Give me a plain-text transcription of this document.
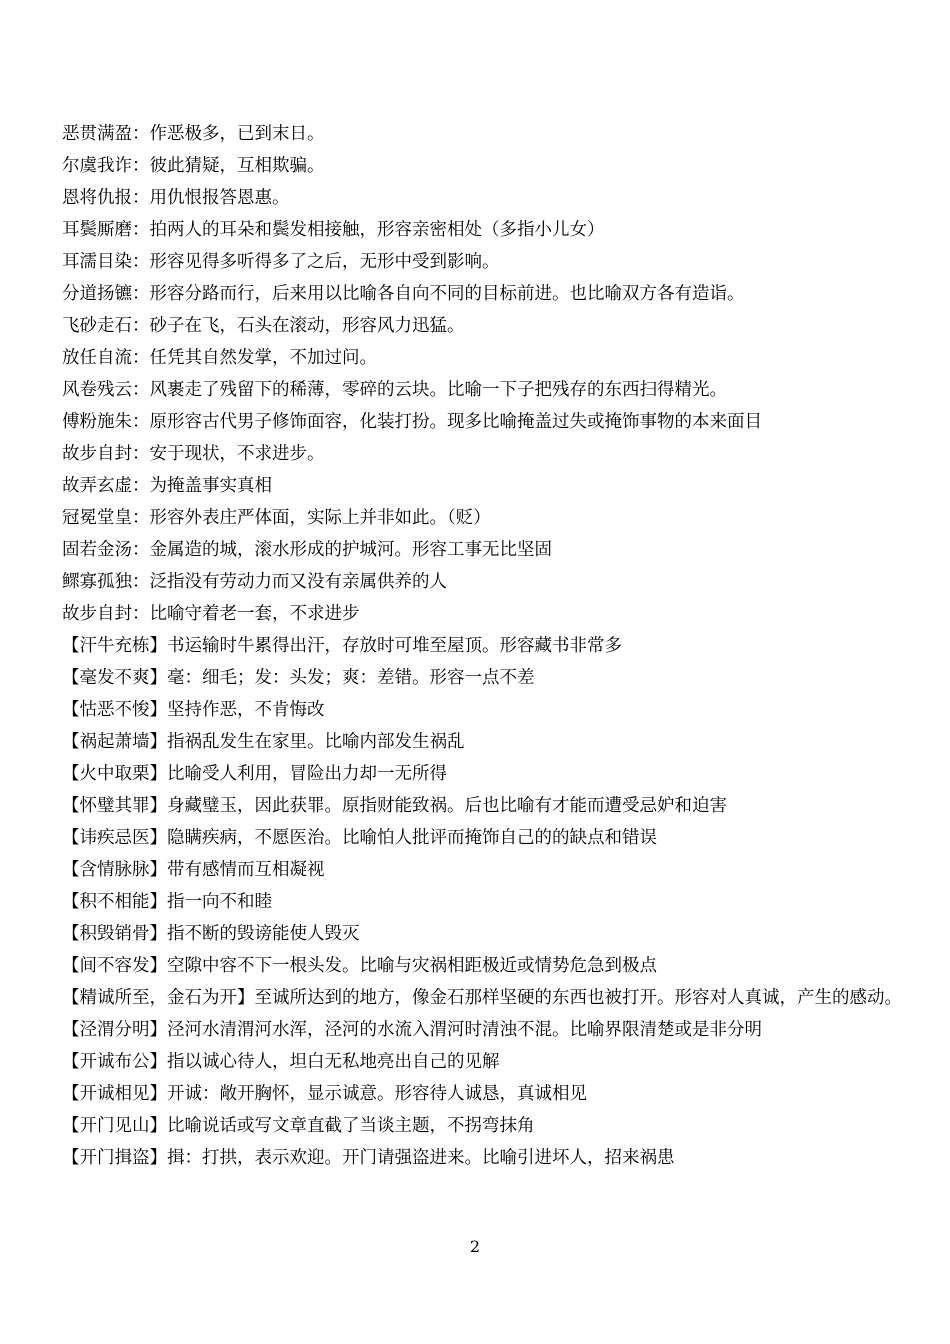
恶贯满盈：作恶极多，已到末日。

尔虞我诈：彼此猜疑，互相欺骗。

恩将仇报：用仇恨报答恩惠。

耳鬓厮磨：拍两人的耳朵和鬓发相接触，形容亲密相处（多指小儿女）

耳濡目染：形容见得多听得多了之后，无形中受到影响。

分道扬镳：形容分路而行，后来用以比喻各自向不同的目标前进。也比喻双方各有造诣。

飞砂走石：砂子在飞，石头在滚动，形容风力迅猛。

放任自流：任凭其自然发掌，不加过问。

风卷残云：风裹走了残留下的稀薄，零碎的云块。比喻一下子把残存的东西扫得精光。

傅粉施朱：原形容古代男子修饰面容，化装打扮。现多比喻掩盖过失或掩饰事物的本来面目

故步自封：安于现状，不求进步。

故弄玄虚：为掩盖事实真相

冠冕堂皇：形容外表庄严体面，实际上并非如此。（贬）

固若金汤：金属造的城，滚水形成的护城河。形容工事无比坚固

鳏寡孤独：泛指没有劳动力而又没有亲属供养的人

故步自封：比喻守着老一套，不求进步

【汗牛充栋】书运输时牛累得出汗，存放时可堆至屋顶。形容藏书非常多

【毫发不爽】毫：细毛；发：头发；爽：差错。形容一点不差

【怙恶不悛】坚持作恶，不肯悔改

【祸起萧墙】指祸乱发生在家里。比喻内部发生祸乱

【火中取栗】比喻受人利用，冒险出力却一无所得

【怀璧其罪】身藏璧玉，因此获罪。原指财能致祸。后也比喻有才能而遭受忌妒和迫害

【讳疾忌医】隐瞒疾病，不愿医治。比喻怕人批评而掩饰自己的的缺点和错误

【含情脉脉】带有感情而互相凝视

【积不相能】指一向不和睦

【积毁销骨】指不断的毁谤能使人毁灭

【间不容发】空隙中容不下一根头发。比喻与灾祸相距极近或情势危急到极点

【精诚所至，金石为开】至诚所达到的地方，像金石那样坚硬的东西也被打开。形容对人真诚，产生的感动。

【泾渭分明】泾河水清渭河水浑，泾河的水流入渭河时清浊不混。比喻界限清楚或是非分明

【开诚布公】指以诚心待人，坦白无私地亮出自己的见解

【开诚相见】开诚：敞开胸怀，显示诚意。形容待人诚恳，真诚相见

【开门见山】比喻说话或写文章直截了当谈主题，不拐弯抹角

【开门揖盗】揖：打拱，表示欢迎。开门请强盗进来。比喻引进坏人，招来祸患

2
